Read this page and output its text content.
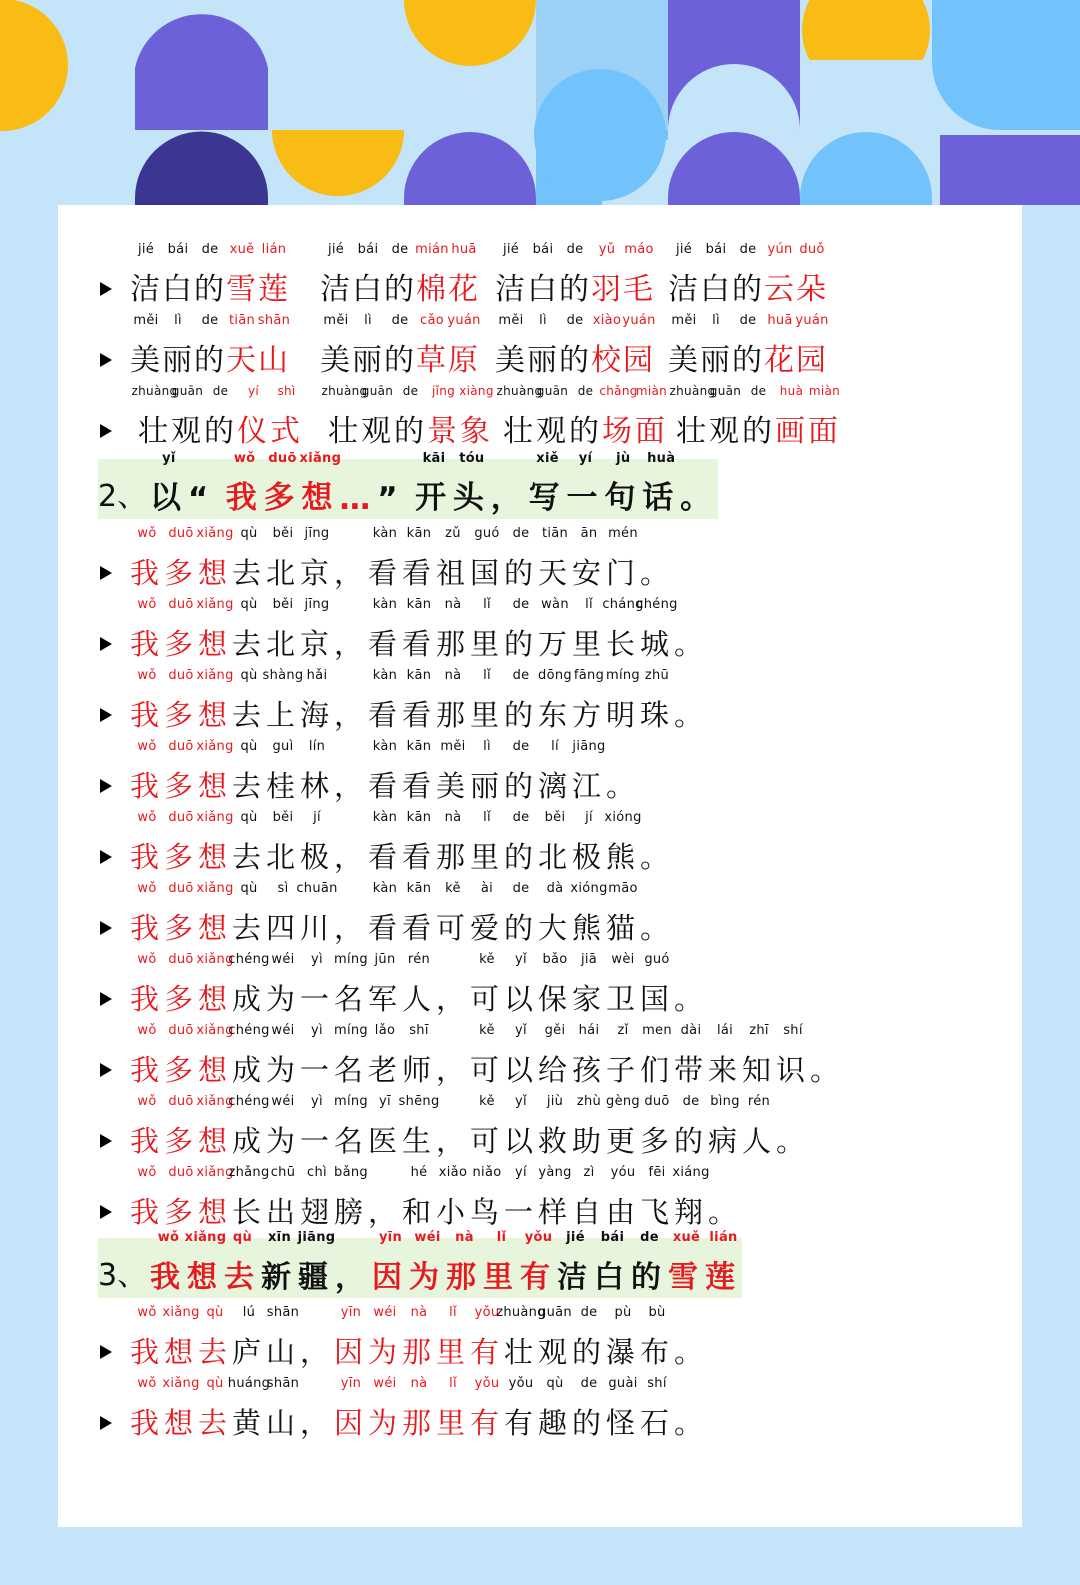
jié
洁
bái
白
de
的
xuě
雪
lián
莲
jié
洁
bái
白
de
的
mián
棉
huā
花
jié
洁
bái
白
de
的
yǔ
羽
máo
毛
jié
洁
bái
白
de
的
yún
云
duǒ
朵
měi
美
lì
丽
de
的
tiān
天
shān
山
měi
美
lì
丽
de
的
cǎo
草
yuán
原
měi
美
lì
丽
de
的
xiào
校
yuán
园
měi
美
lì
丽
de
的
huā
花
yuán
园
zhuàng
壮
guān
观
de
的
yí
仪
shì
式
zhuàng
壮
guān
观
de
的
jǐng
景
xiàng
象
zhuàng
壮
guān
观
de
的
chǎng
场
miàn
面
zhuàng
壮
guān
观
de
的
huà
画
miàn
面
2、
yǐ
以 “
wǒ
我
duō
多
xiǎng
想 … ”
kāi
开
tóu
头 ，
xiě
写
yí
一
jù
句
huà
话 。
wǒ
我
duō
多
xiǎng
想
qù
去
běi
北
jīng
京 ，
kàn
看
kān
看
zǔ
祖
guó
国
de
的
tiān
天
ān
安
mén
门 。
wǒ
我
duō
多
xiǎng
想
qù
去
běi
北
jīng
京 ，
kàn
看
kān
看
nà
那
lǐ
里
de
的
wàn
万
lǐ
里
cháng
长
chéng
城 。
wǒ
我
duō
多
xiǎng
想
qù
去
shàng
上
hǎi
海 ，
kàn
看
kān
看
nà
那
lǐ
里
de
的
dōng
东
fāng
方
míng
明
zhū
珠 。
wǒ
我
duō
多
xiǎng
想
qù
去
guì
桂
lín
林 ，
kàn
看
kān
看
měi
美
lì
丽
de
的
lí
漓
jiāng
江 。
wǒ
我
duō
多
xiǎng
想
qù
去
běi
北
jí
极 ，
kàn
看
kān
看
nà
那
lǐ
里
de
的
běi
北
jí
极
xióng
熊 。
wǒ
我
duō
多
xiǎng
想
qù
去
sì
四
chuān
川 ，
kàn
看
kān
看
kě
可
ài
爱
de
的
dà
大
xióng
熊
māo
猫 。
wǒ
我
duō
多
xiǎng
想
chéng
成
wéi
为
yì
一
míng
名
jūn
军
rén
人 ，
kě
可
yǐ
以
bǎo
保
jiā
家
wèi
卫
guó
国 。
wǒ
我
duō
多
xiǎng
想
chéng
成
wéi
为
yì
一
míng
名
lǎo
老
shī
师 ，
kě
可
yǐ
以
gěi
给
hái
孩
zǐ
子
men
们
dài
带
lái
来
zhī
知
shí
识 。
wǒ
我
duō
多
xiǎng
想
chéng
成
wéi
为
yì
一
míng
名
yī
医
shēng
生 ，
kě
可
yǐ
以
jiù
救
zhù
助
gèng
更
duō
多
de
的
bìng
病
rén
人 。
wǒ
我
duō
多
xiǎng
想
zhǎng
长
chū
出
chì
翅
bǎng
膀 ，
hé
和
xiǎo
小
niǎo
鸟
yí
一
yàng
样
zì
自
yóu
由
fēi
飞
xiáng
翔 。
3、
wǒ
我
xiǎng
想
qù
去
xīn
新
jiāng
疆 ，
yīn
因
wéi
为
nà
那
lǐ
里
yǒu
有
jié
洁
bái
白
de
的
xuě
雪
lián
莲
wǒ
我
xiǎng
想
qù
去
lú
庐
shān
山 ，
yīn
因
wéi
为
nà
那
lǐ
里
yǒu
有
zhuàng
壮
guān
观
de
的
pù
瀑
bù
布 。
wǒ
我
xiǎng
想
qù
去
huáng
黄
shān
山 ，
yīn
因
wéi
为
nà
那
lǐ
里
yǒu
有
yǒu
有
qù
趣
de
的
guài
怪
shí
石 。
